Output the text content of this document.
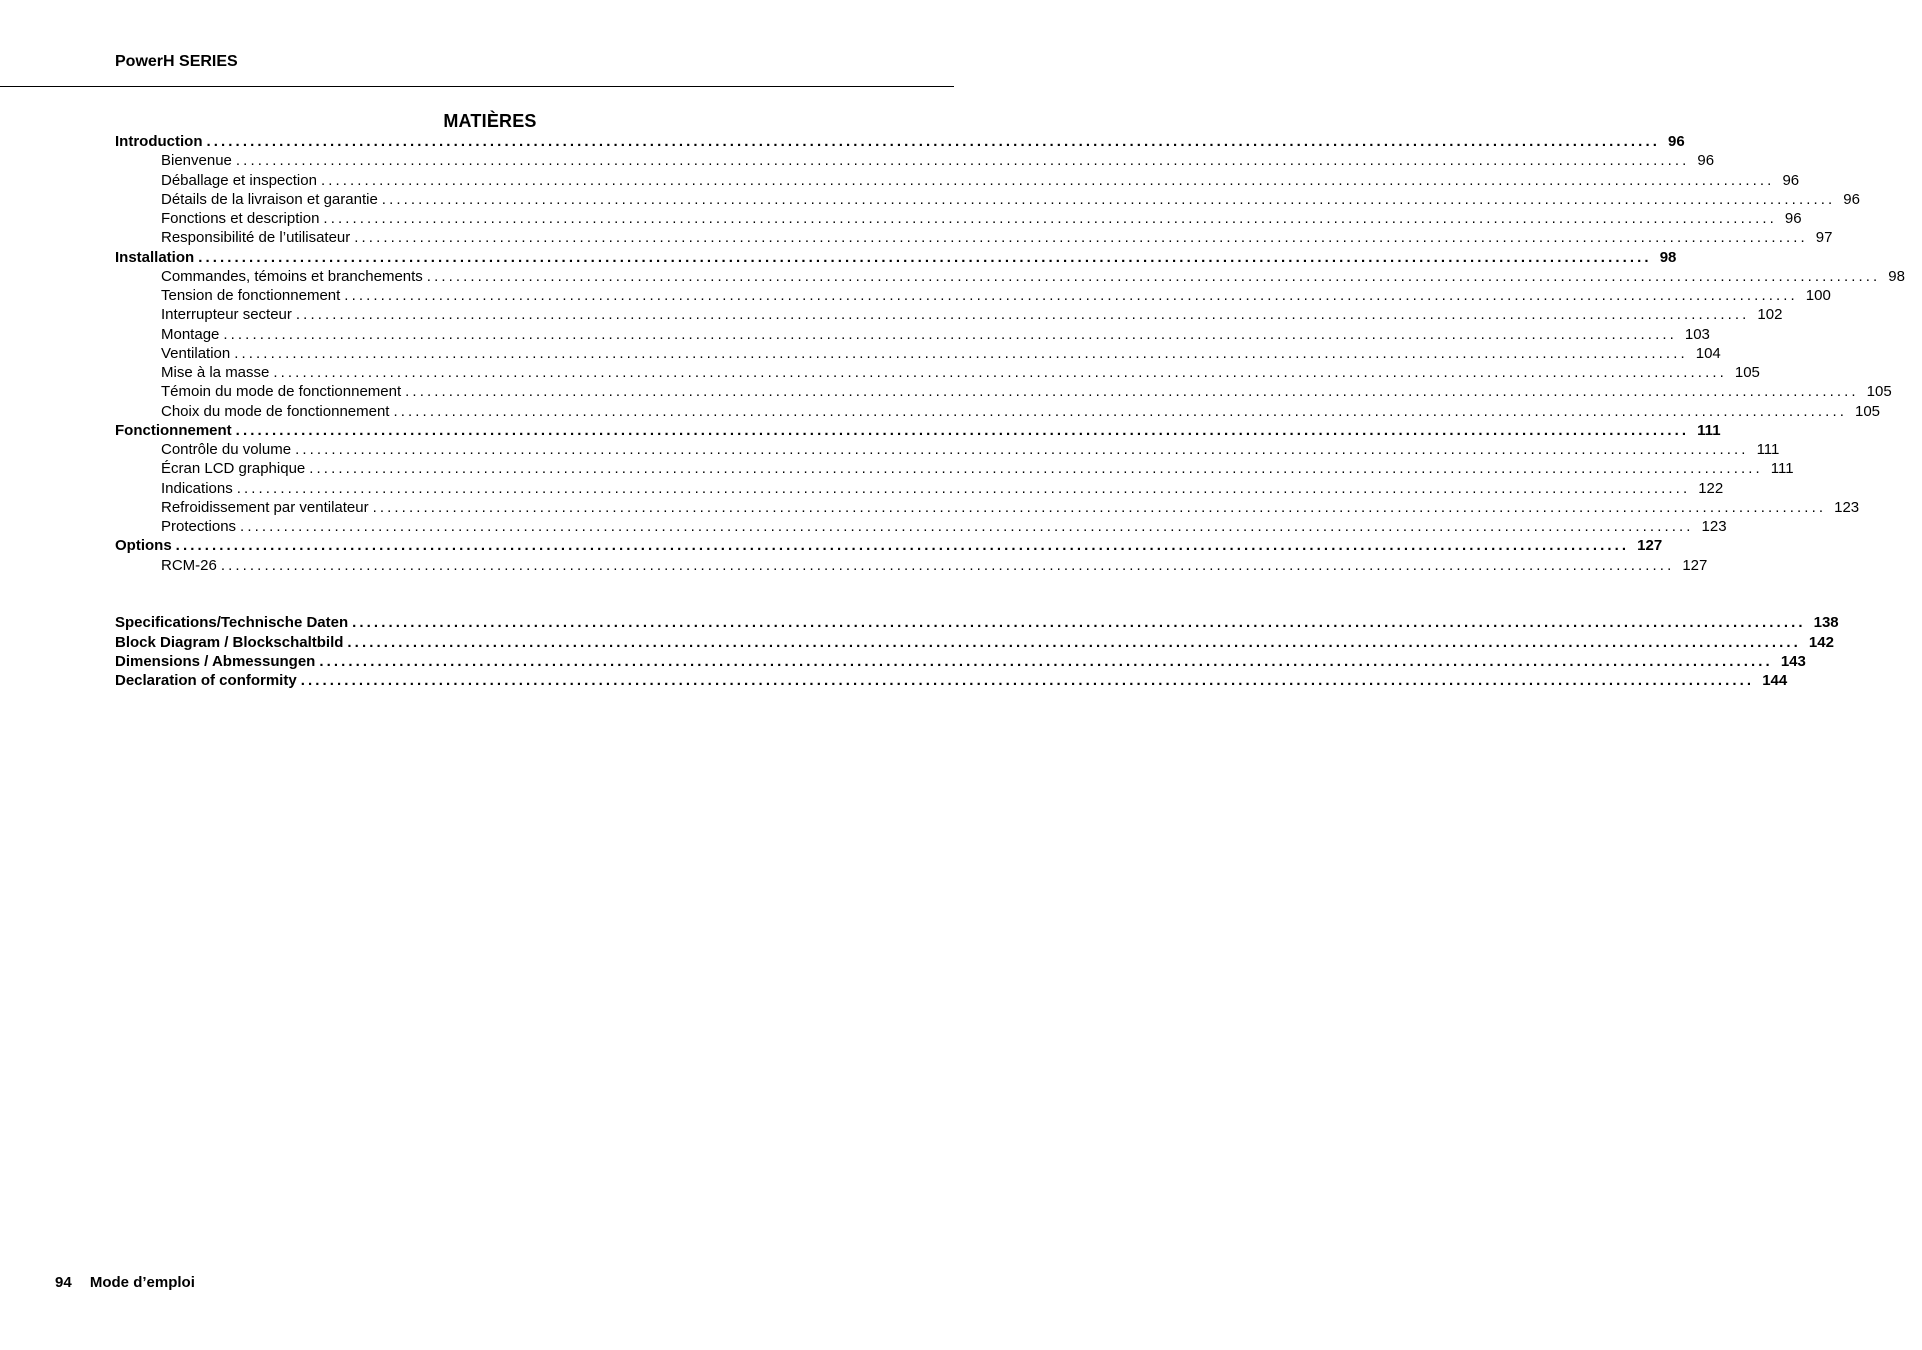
PowerH SERIES
MATIÈRES
Introduction ........................................................................................................................................................................................................ 96
Bienvenue ........................................................................................................................................................................................................ 96
Déballage et inspection ........................................................................................................................................................................................................ 96
Détails de la livraison et garantie ........................................................................................................................................................................................................ 96
Fonctions et description ........................................................................................................................................................................................................ 96
Responsibilité de l’utilisateur ........................................................................................................................................................................................................ 97
Installation ........................................................................................................................................................................................................ 98
Commandes, témoins et branchements ........................................................................................................................................................................................................ 98
Tension de fonctionnement ........................................................................................................................................................................................................ 100
Interrupteur secteur ........................................................................................................................................................................................................ 102
Montage ........................................................................................................................................................................................................ 103
Ventilation ........................................................................................................................................................................................................ 104
Mise à la masse ........................................................................................................................................................................................................ 105
Témoin du mode de fonctionnement ........................................................................................................................................................................................................ 105
Choix du mode de fonctionnement ........................................................................................................................................................................................................ 105
Fonctionnement ........................................................................................................................................................................................................ 111
Contrôle du volume ........................................................................................................................................................................................................ 111
Écran LCD graphique ........................................................................................................................................................................................................ 111
Indications ........................................................................................................................................................................................................ 122
Refroidissement par ventilateur ........................................................................................................................................................................................................ 123
Protections ........................................................................................................................................................................................................ 123
Options ........................................................................................................................................................................................................ 127
RCM-26 ........................................................................................................................................................................................................ 127
Specifications/Technische Daten ........................................................................................................................................................................................................ 138
Block Diagram / Blockschaltbild ........................................................................................................................................................................................................ 142
Dimensions / Abmessungen ........................................................................................................................................................................................................ 143
Declaration of conformity ........................................................................................................................................................................................................ 144
94 Mode d’emploi
